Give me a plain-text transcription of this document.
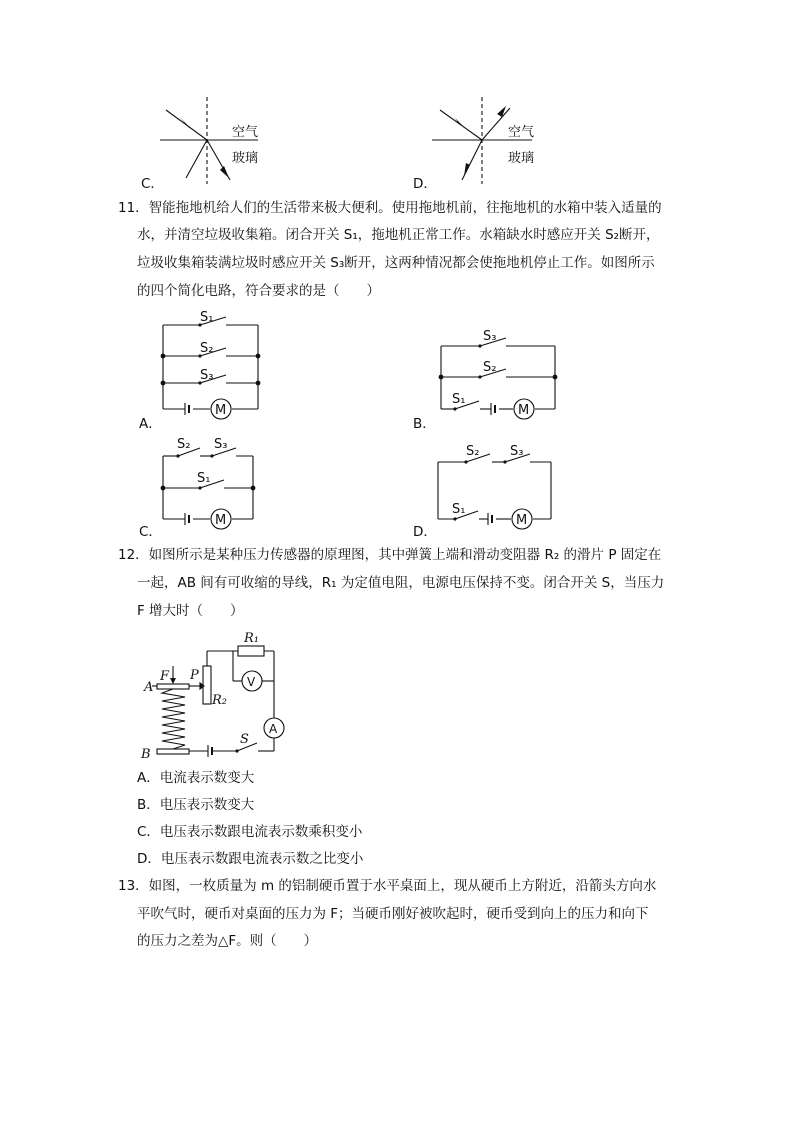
空气
玻璃
C．
空气
玻璃
D．
11．智能拖地机给人们的生活带来极大便利。使用拖地机前，往拖地机的水箱中装入适量的
水，并清空垃圾收集箱。闭合开关 S₁，拖地机正常工作。水箱缺水时感应开关 S₂断开，
垃圾收集箱装满垃圾时感应开关 S₃断开，这两种情况都会使拖地机停止工作。如图所示
的四个简化电路，符合要求的是（　　）
S₁
S₂
S₃
M
A．
S₃
S₂
S₁
M
B．
S₂ S₃
S₁
M
C．
S₂ S₃
S₁
M
D．
12．如图所示是某种压力传感器的原理图，其中弹簧上端和滑动变阻器 R₂ 的滑片 P 固定在
一起，AB 间有可收缩的导线，R₁ 为定值电阻，电源电压保持不变。闭合开关 S，当压力
F 增大时（　　）
F P
A
B
R₁
R₂
V
A
S
A．电流表示数变大
B．电压表示数变大
C．电压表示数跟电流表示数乘积变小
D．电压表示数跟电流表示数之比变小
13．如图，一枚质量为 m 的铝制硬币置于水平桌面上，现从硬币上方附近，沿箭头方向水
平吹气时，硬币对桌面的压力为 F；当硬币刚好被吹起时，硬币受到向上的压力和向下
的压力之差为△F。则（　　）
